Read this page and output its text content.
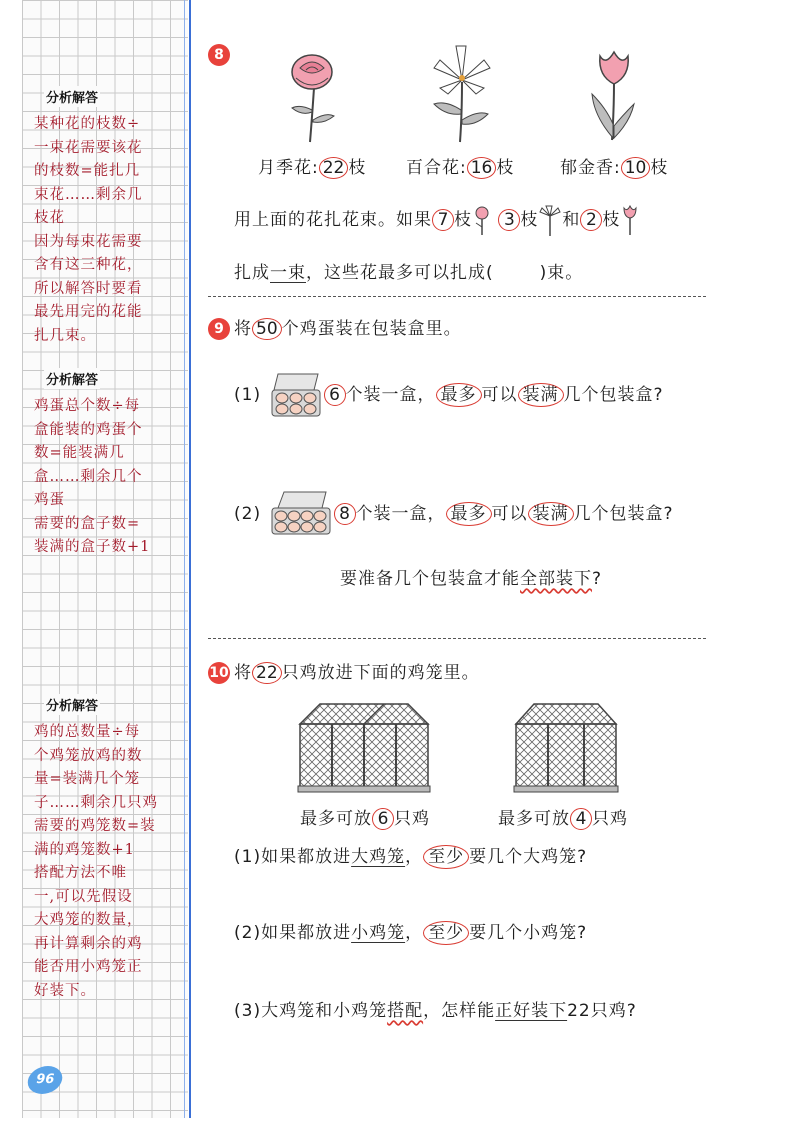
分析解答
某种花的枝数÷
一束花需要该花
的枝数=能扎几
束花……剩余几
枝花
因为每束花需要
含有这三种花，
所以解答时要看
最先用完的花能
扎几束。
分析解答
鸡蛋总个数÷每
盒能装的鸡蛋个
数=能装满几
盒……剩余几个
鸡蛋
需要的盒子数=
装满的盒子数+1
分析解答
鸡的总数量÷每
个鸡笼放鸡的数
量=装满几个笼
子……剩余几只鸡
需要的鸡笼数=装
满的鸡笼数+1
搭配方法不唯
一,可以先假设
大鸡笼的数量，
再计算剩余的鸡
能否用小鸡笼正
好装下。
96
8
月季花: 22 枝 百合花: 16 枝	郁金香: 10 枝
用上面的花扎花束。如果 7 枝 3 枝 和 2 枝
扎成一束，这些花最多可以扎成(	)束。
9 将 50 个鸡蛋装在包装盒里。
(1)	6 个装一盒， 最多 可以 装满 几个包装盒?
(2)	8 个装一盒， 最多 可以 装满 几个包装盒?
要准备几个包装盒才能全部装下?
10 将 22 只鸡放进下面的鸡笼里。
最多可放 6 只鸡	最多可放 4 只鸡
(1)如果都放进大鸡笼， 至少 要几个大鸡笼?
(2)如果都放进小鸡笼， 至少 要几个小鸡笼?
(3)大鸡笼和小鸡笼搭配，怎样能正好装下22只鸡?
